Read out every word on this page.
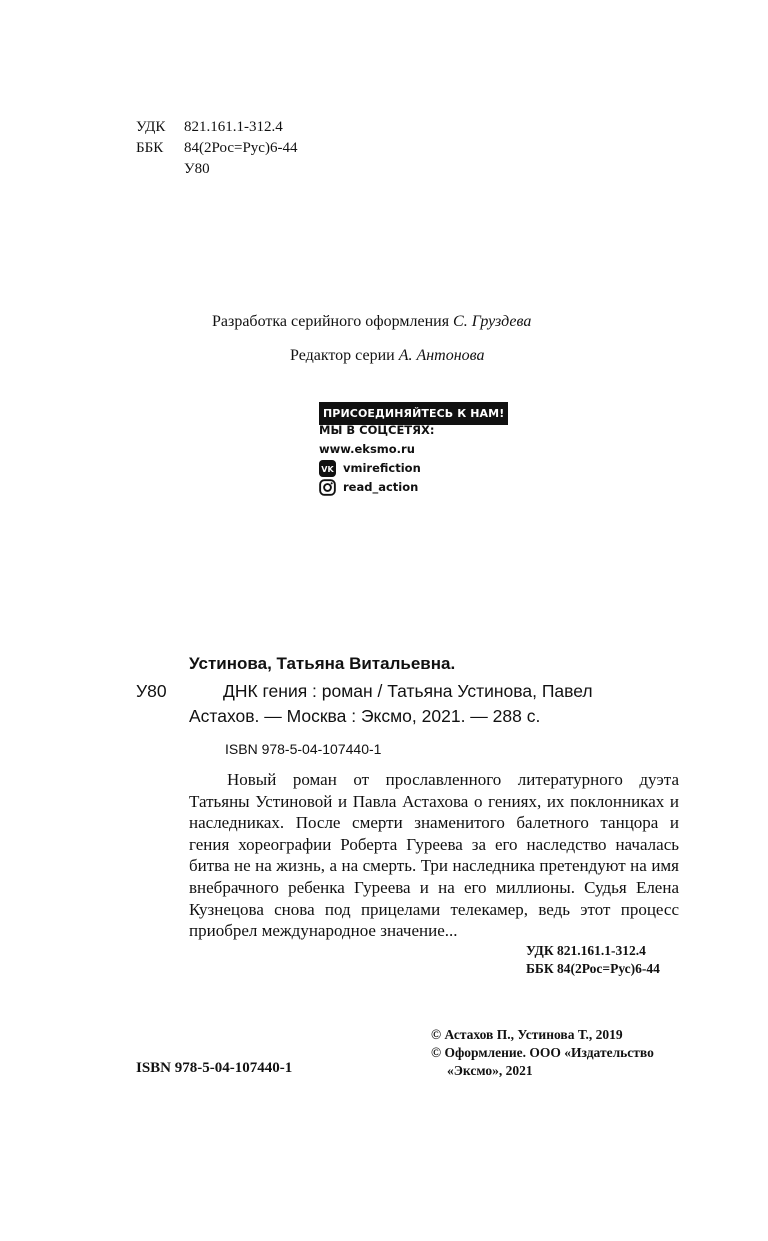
УДК 821.161.1-312.4
ББК 84(2Рос=Рус)6-44
У80
Разработка серийного оформления С. Груздева
Редактор серии А. Антонова
ПРИСОЕДИНЯЙТЕСЬ К НАМ!
МЫ В СОЦСЕТЯХ:
www.eksmo.ru
VK vmirefiction
read_action
Устинова, Татьяна Витальевна.
У80	ДНК гения : роман / Татьяна Устинова, Павел
Астахов. — Москва : Эксмо, 2021. — 288 с.
ISBN 978-5-04-107440-1

Новый роман от прославленного литературного дуэта Татьяны Устиновой и Павла Астахова о гениях, их поклонниках и наследниках. После смерти знаменитого балетного танцора и гения хореографии Роберта Гуреева за его наследство началась битва не на жизнь, а на смерть. Три наследника претендуют на имя внебрачного ребенка Гуреева и на его миллионы. Судья Елена Кузнецова снова под прицелами телекамер, ведь этот процесс приобрел международное значение...

УДК 821.161.1-312.4
ББК 84(2Рос=Рус)6-44
© Астахов П., Устинова Т., 2019
© Оформление. ООО «Издательство
«Эксмо», 2021
ISBN 978-5-04-107440-1
